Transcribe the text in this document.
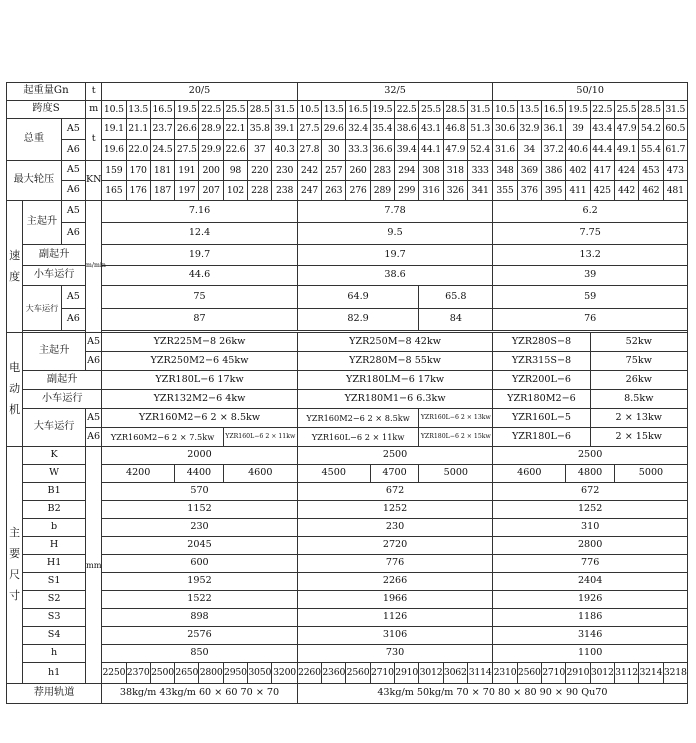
起重量Gn			t	20/5								32/5								50/10							
跨度S			m	10.5	13.5	16.5	19.5	22.5	25.5	28.5	31.5	10.5	13.5	16.5	19.5	22.5	25.5	28.5	31.5	10.5	13.5	16.5	19.5	22.5	25.5	28.5	31.5
总重		A5	t	19.1	21.1	23.7	26.6	28.9	22.1	35.8	39.1	27.5	29.6	32.4	35.4	38.6	43.1	46.8	51.3	30.6	32.9	36.1	39	43.4	47.9	54.2	60.5
		A6		19.6	22.0	24.5	27.5	29.9	22.6	37	40.3	27.8	30	33.3	36.6	39.4	44.1	47.9	52.4	31.6	34	37.2	40.6	44.4	49.1	55.4	61.7
最大轮压		A5	KN	159	170	181	191	200	98	220	230	242	257	260	283	294	308	318	333	348	369	386	402	417	424	453	473
		A6		165	176	187	197	207	102	228	238	247	263	276	289	299	316	326	341	355	376	395	411	425	442	462	481
速度	主起升	A5	m/min	7.16								7.78								6.2							
		A6		12.4								9.5								7.75							
	副起升			19.7								19.7								13.2							
	小车运行			44.6								38.6								39							
	大车运行	A5		75								64.9					65.8			59							
		A6		87								82.9					84			76							

电动机	主起升		A5	YZR225M−8 26kw								YZR250M−8 42kw								YZR280S−8				52kw			
			A6	YZR250M2−6 45kw								YZR280M−8 55kw								YZR315S−8				75kw			
	副起升			YZR180L−6 17kw								YZR180LM−6 17kw								YZR200L−6				26kw			
	小车运行			YZR132M2−6 4kw								YZR180M1−6 6.3kw								YZR180M2−6				8.5kw			
	大车运行		A5	YZR160M2−6 2 × 8.5kw								YZR160M2−6 2 × 8.5kw					YZR160L−6 2 × 13kw			YZR160L−5				2 × 13kw			
			A6	YZR160M2−6 2 × 7.5kw					YZR160L−6 2 × 11kw			YZR160L−6 2 × 11kw					YZR180L−6 2 × 15kw			YZR180L−6				2 × 15kw			
主要尺寸	K		mm	2000								2500								2500							
	W			4200			4400		4600			4500			4700		5000			4600			4800		5000		
	B1			570								672								672							
	B2			1152								1252								1252							
	b			230								230								310							
	H			2045								2720								2800							
	H1			600								776								776							
	S1			1952								2266								2404							
	S2			1522								1966								1926							
	S3			898								1126								1186							
	S4			2576								3106								3146							
	h			850								730								1100							
	h1			2250	2370	2500	2650	2800	2950	3050	3200	2260	2360	2560	2710	2910	3012	3062	3114	2310	2560	2710	2910	3012	3112	3214	3218
荐用轨道				38kg/m 43kg/m 60 × 60 70 × 70								43kg/m 50kg/m 70 × 70 80 × 80 90 × 90 Qu70															
